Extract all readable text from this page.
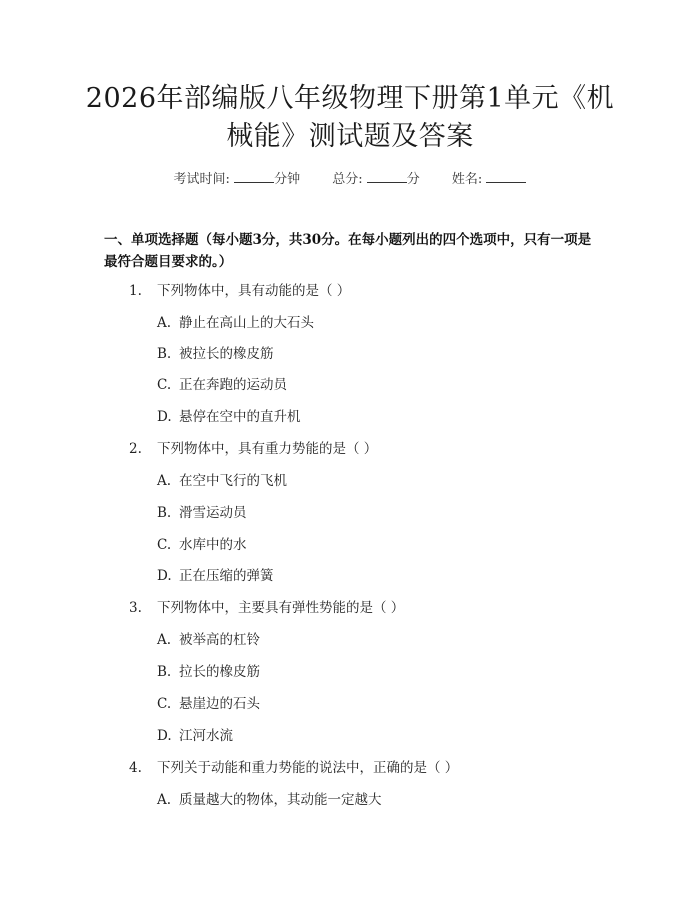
2026年部编版八年级物理下册第1单元《机械能》测试题及答案
考试时间:	分钟 总分:	分 姓名:
一、单项选择题（每小题3分，共30分。在每小题列出的四个选项中，只有一项是最符合题目要求的。）
1. 下列物体中，具有动能的是（ ）
A. 静止在高山上的大石头
B. 被拉长的橡皮筋
C. 正在奔跑的运动员
D. 悬停在空中的直升机
2. 下列物体中，具有重力势能的是（ ）
A. 在空中飞行的飞机
B. 滑雪运动员
C. 水库中的水
D. 正在压缩的弹簧
3. 下列物体中，主要具有弹性势能的是（ ）
A. 被举高的杠铃
B. 拉长的橡皮筋
C. 悬崖边的石头
D. 江河水流
4. 下列关于动能和重力势能的说法中，正确的是（ ）
A. 质量越大的物体，其动能一定越大
